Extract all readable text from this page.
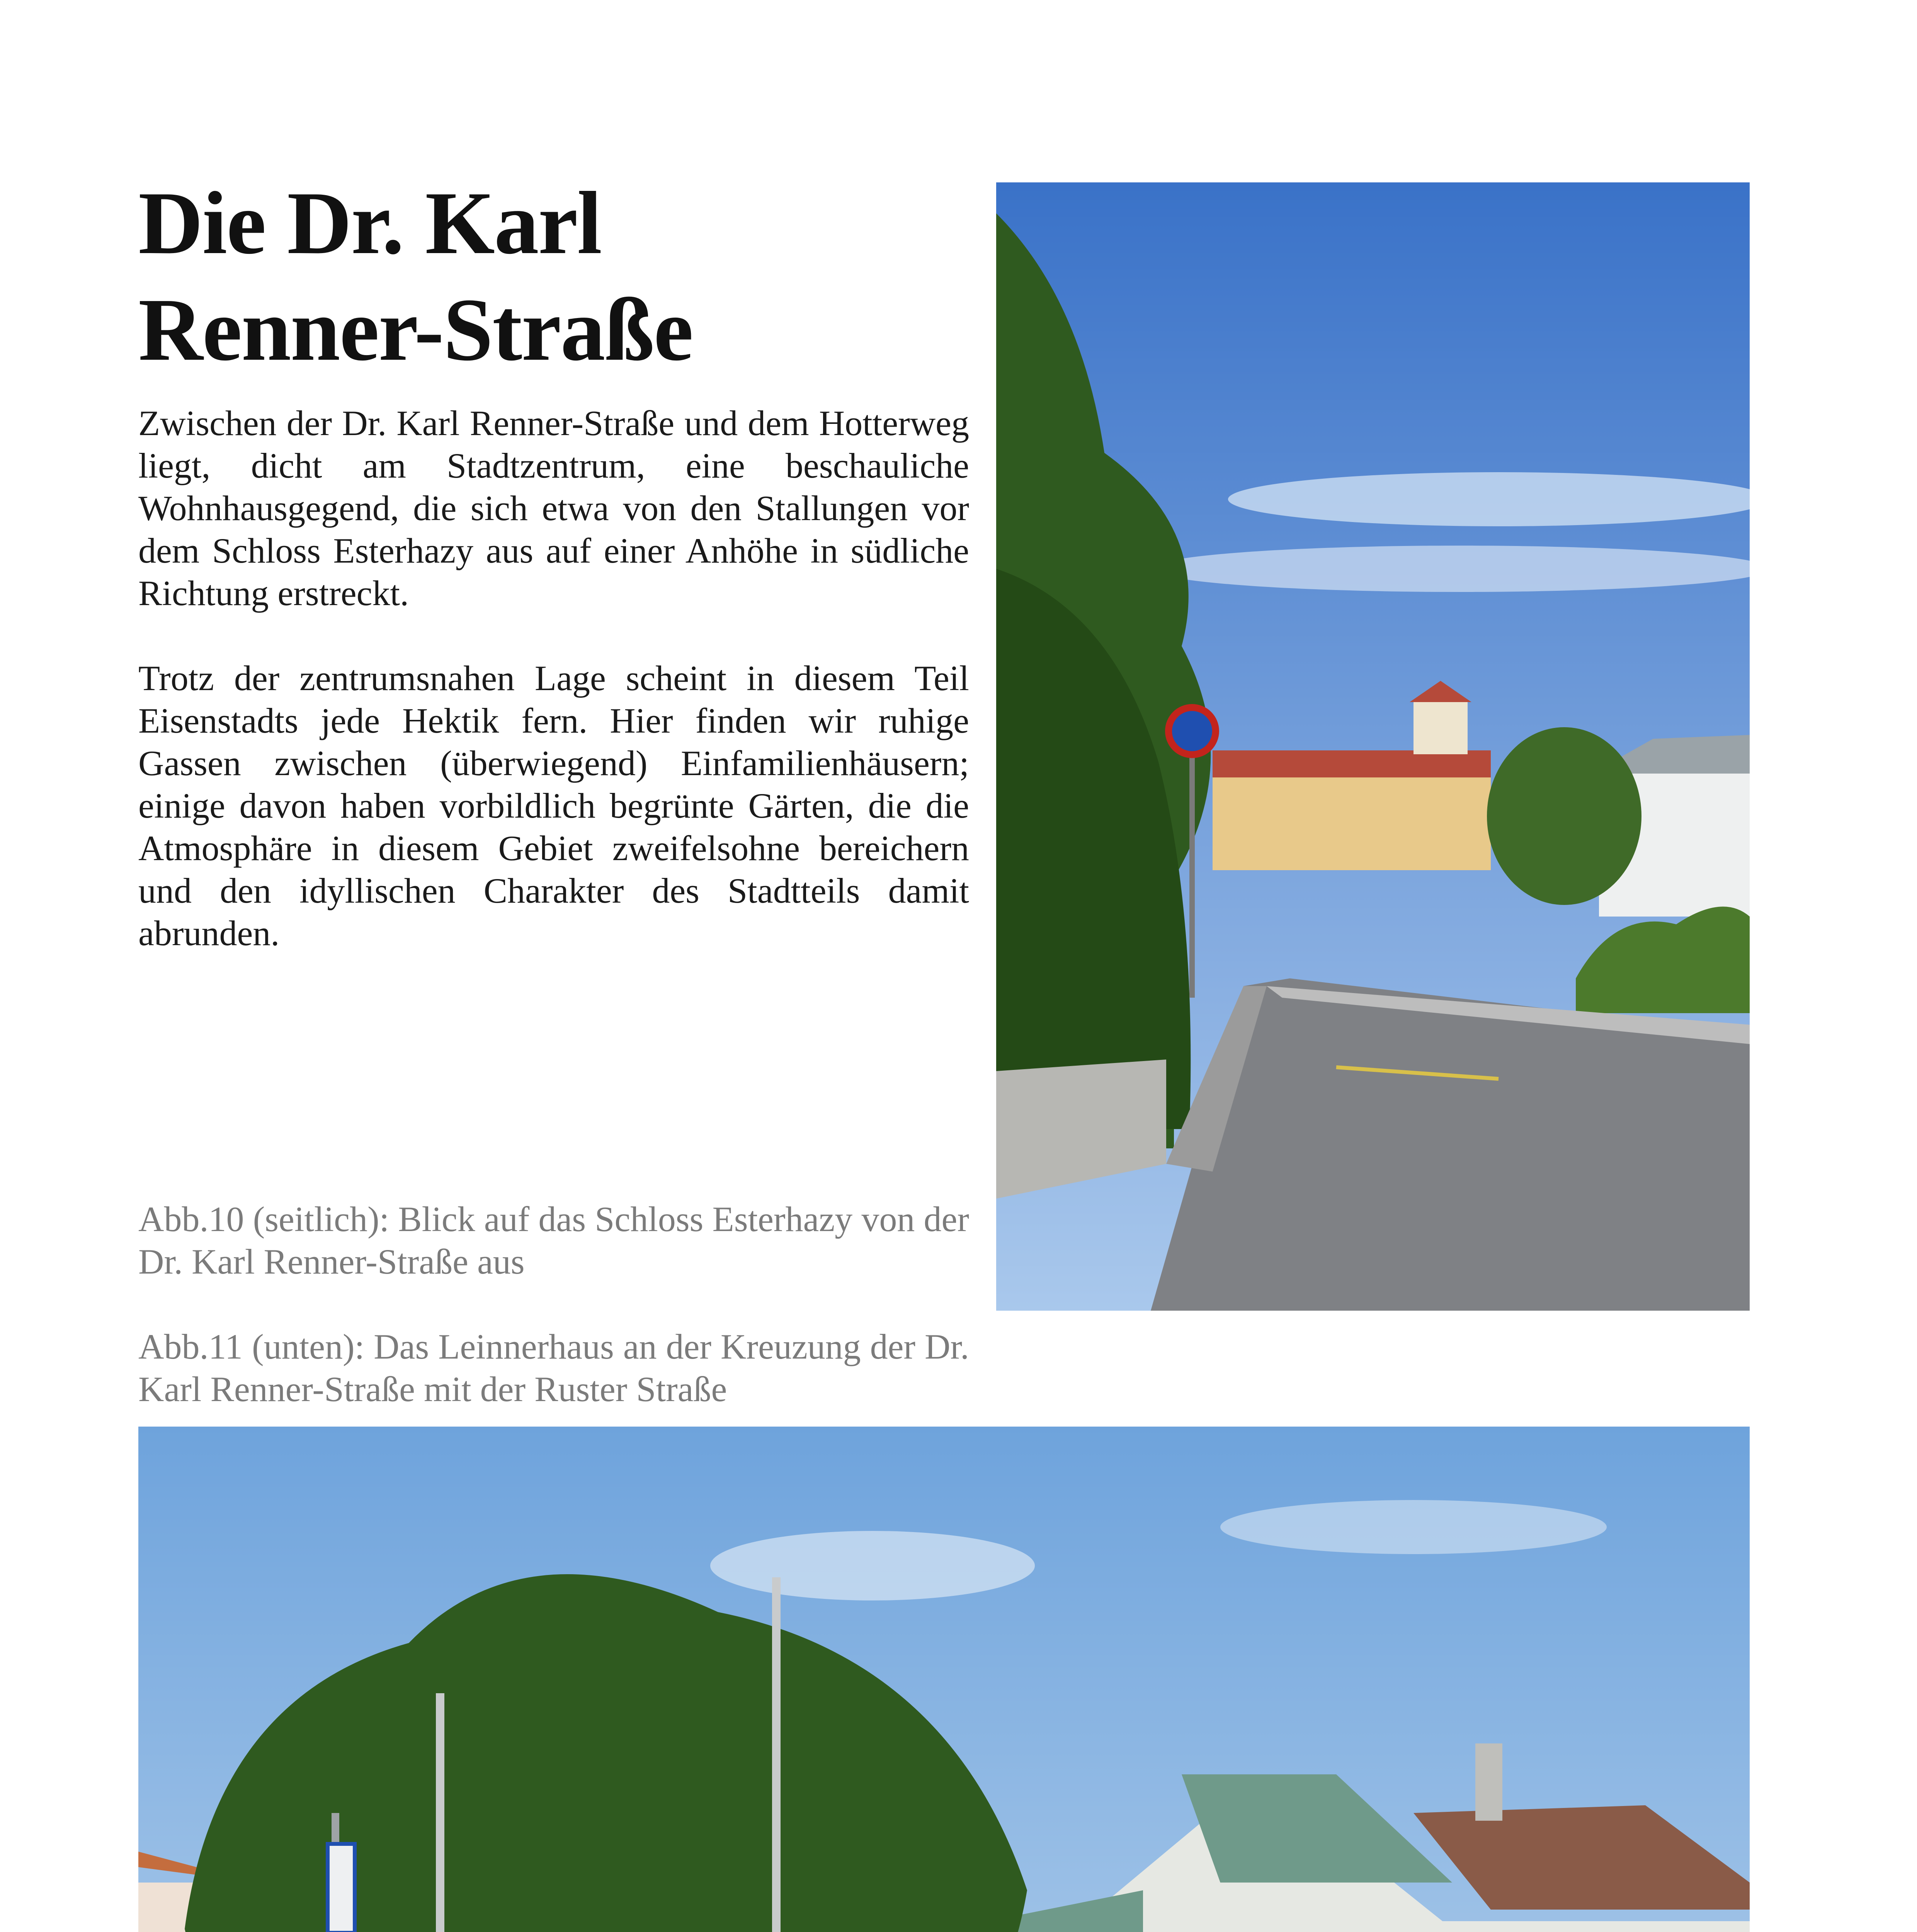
Die Dr. Karl
Renner-Straße

Zwischen der Dr. Karl Renner-Straße und dem Hotterweg liegt, dicht am Stadtzentrum, eine beschauliche Wohnhausgegend, die sich etwa von den Stallungen vor dem Schloss Esterhazy aus auf einer Anhöhe in südliche Richtung erstreckt.

Trotz der zentrumsnahen Lage scheint in diesem Teil Eisenstadts jede Hektik fern. Hier finden wir ruhige Gassen zwischen (überwiegend) Einfamilienhäusern; einige davon haben vorbildlich begrünte Gärten, die die Atmosphäre in diesem Gebiet zweifelsohne bereichern und den idyllischen Charakter des Stadtteils damit abrunden.

Abb.10 (seitlich): Blick auf das Schloss Esterhazy von der Dr. Karl Renner-Straße aus
Abb.11 (unten): Das Leinnerhaus an der Kreuzung der Dr. Karl Renner-Straße mit der Ruster Straße
